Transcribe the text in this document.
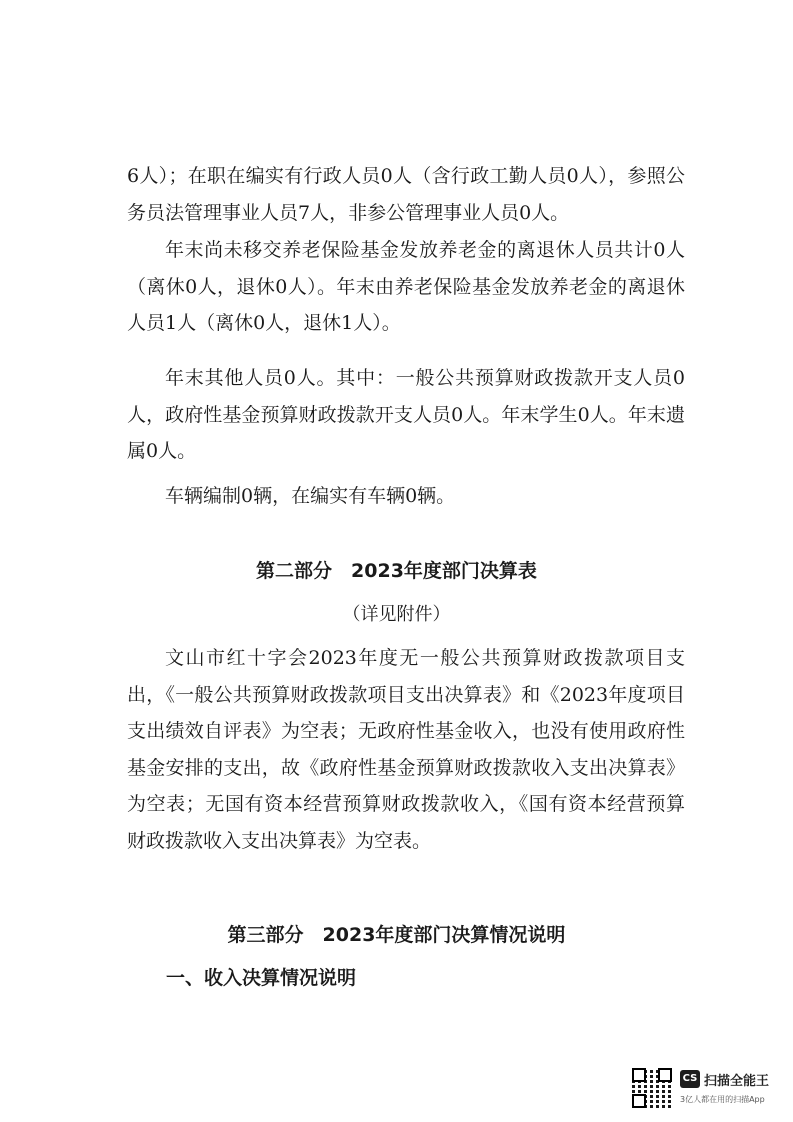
6人）；在职在编实有行政人员0人（含行政工勤人员0人），参照公务员法管理事业人员7人，非参公管理事业人员0人。

年末尚未移交养老保险基金发放养老金的离退休人员共计0人（离休0人，退休0人）。年末由养老保险基金发放养老金的离退休人员1人（离休0人，退休1人）。

年末其他人员0人。其中：一般公共预算财政拨款开支人员0人，政府性基金预算财政拨款开支人员0人。年末学生0人。年末遗属0人。

车辆编制0辆，在编实有车辆0辆。

第二部分　2023年度部门决算表

（详见附件）

文山市红十字会2023年度无一般公共预算财政拨款项目支出，《一般公共预算财政拨款项目支出决算表》和《2023年度项目支出绩效自评表》为空表；无政府性基金收入，也没有使用政府性基金安排的支出，故《政府性基金预算财政拨款收入支出决算表》为空表；无国有资本经营预算财政拨款收入，《国有资本经营预算财政拨款收入支出决算表》为空表。

第三部分　2023年度部门决算情况说明
一、收入决算情况说明
CS 扫描全能王
3亿人都在用的扫描App
